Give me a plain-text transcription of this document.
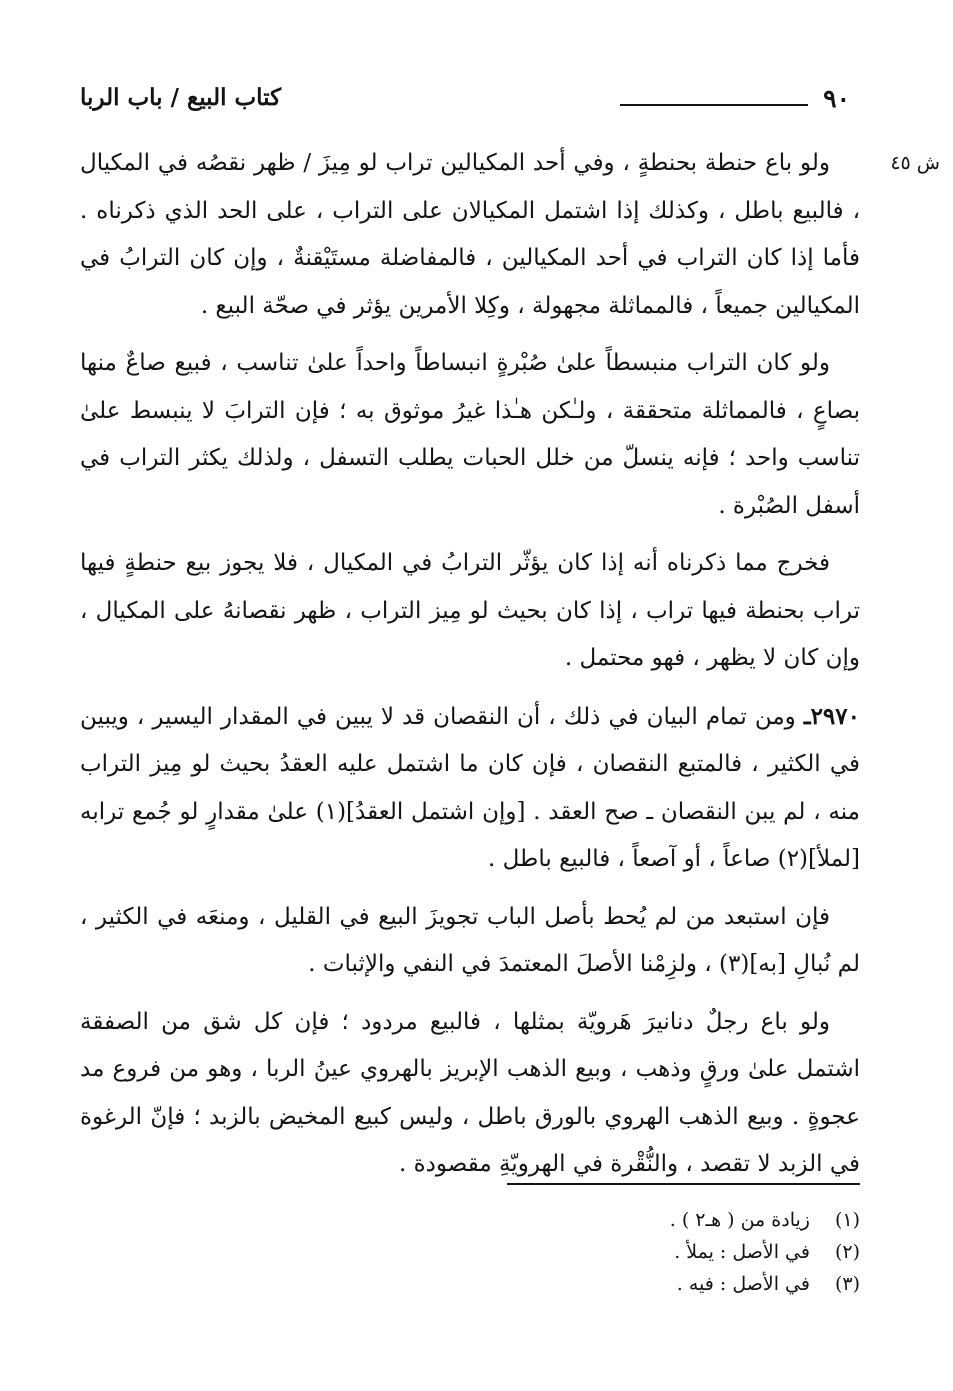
٩٠
كتاب البيع / باب الربا
ش ٤٥

ولو باع حنطة بحنطةٍ ، وفي أحد المكيالين تراب لو مِيزَ / ظهر نقصُه في المكيال ، فالبيع باطل ، وكذلك إذا اشتمل المكيالان على التراب ، على الحد الذي ذكرناه . فأما إذا كان التراب في أحد المكيالين ، فالمفاضلة مستَيْقنةٌ ، وإن كان الترابُ في المكيالين جميعاً ، فالمماثلة مجهولة ، وكِلا الأمرين يؤثر في صحّة البيع .

ولو كان التراب منبسطاً علىٰ صُبْرةٍ انبساطاً واحداً علىٰ تناسب ، فبيع صاعٌ منها بصاعٍ ، فالمماثلة متحققة ، ولـٰكن هـٰذا غيرُ موثوق به ؛ فإن الترابَ لا ينبسط علىٰ تناسب واحد ؛ فإنه ينسلّ من خلل الحبات يطلب التسفل ، ولذلك يكثر التراب في أسفل الصُبْرة .

فخرج مما ذكرناه أنه إذا كان يؤثّر الترابُ في المكيال ، فلا يجوز بيع حنطةٍ فيها تراب بحنطة فيها تراب ، إذا كان بحيث لو مِيز التراب ، ظهر نقصانهُ على المكيال ، وإن كان لا يظهر ، فهو محتمل .

٢٩٧٠ـ ومن تمام البيان في ذلك ، أن النقصان قد لا يبين في المقدار اليسير ، ويبين في الكثير ، فالمتبع النقصان ، فإن كان ما اشتمل عليه العقدُ بحيث لو مِيز التراب منه ، لم يبن النقصان ـ صح العقد . [وإن اشتمل العقدُ](١) علىٰ مقدارٍ لو جُمع ترابه [لملأ](٢) صاعاً ، أو آصعاً ، فالبيع باطل .

فإن استبعد من لم يُحط بأصل الباب تجويزَ البيع في القليل ، ومنعَه في الكثير ، لم نُبالِ [به](٣) ، ولزِمْنا الأصلَ المعتمدَ في النفي والإثبات .

ولو باع رجلٌ دنانيرَ هَرويّة بمثلها ، فالبيع مردود ؛ فإن كل شق من الصفقة اشتمل علىٰ ورقٍ وذهب ، وبيع الذهب الإبريز بالهروي عينُ الربا ، وهو من فروع مد عجوةٍ . وبيع الذهب الهروي بالورق باطل ، وليس كبيع المخيض بالزبد ؛ فإنّ الرغوة في الزبد لا تقصد ، والنُّقْرة في الهرويّةِ مقصودة .

(١) زيادة من ( هـ٢ ) .
(٢) في الأصل : يملأ .
(٣) في الأصل : فيه .
